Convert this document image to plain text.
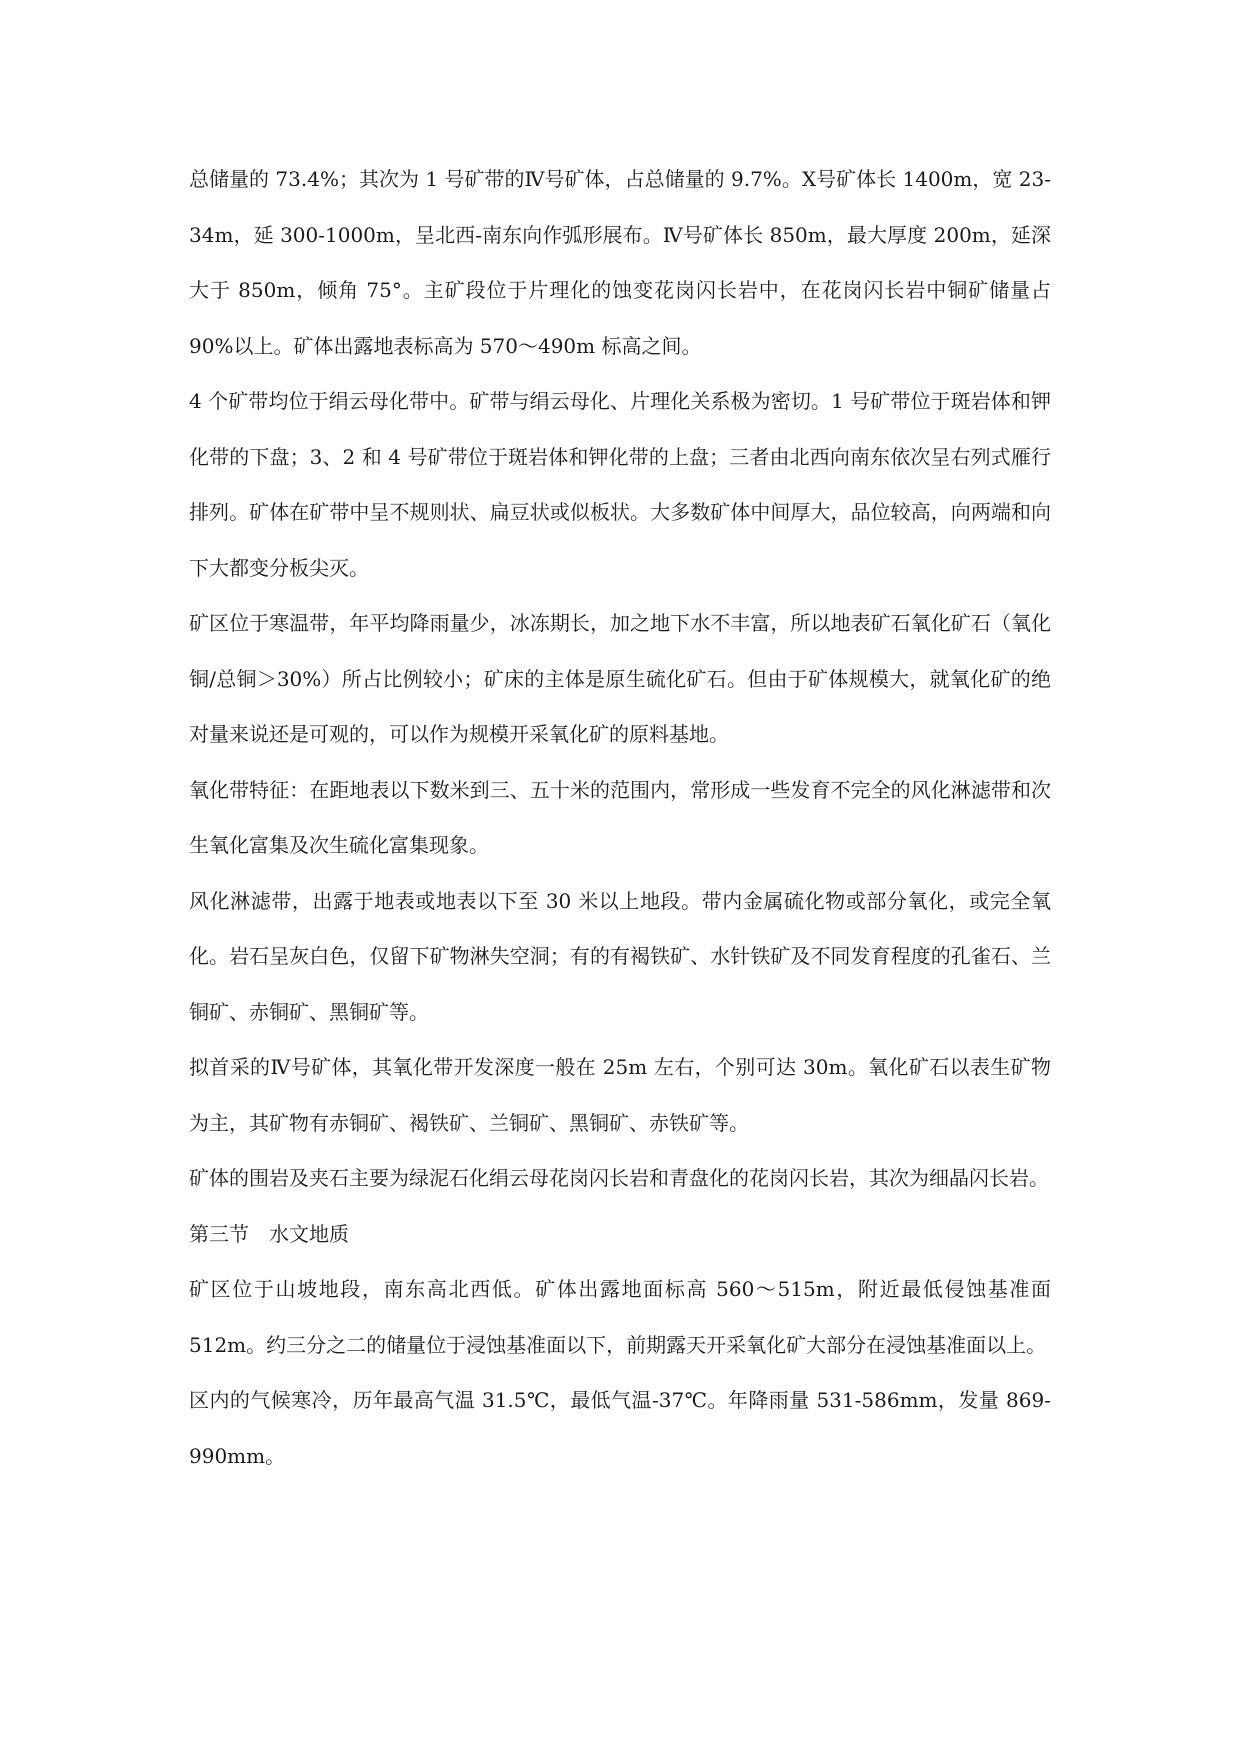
总储量的 73.4%；其次为 1 号矿带的Ⅳ号矿体，占总储量的 9.7%。Ⅹ号矿体长 1400m，宽 23-34m，延 300-1000m，呈北西-南东向作弧形展布。Ⅳ号矿体长 850m，最大厚度 200m，延深大于 850m，倾角 75°。主矿段位于片理化的蚀变花岗闪长岩中，在花岗闪长岩中铜矿储量占 90%以上。矿体出露地表标高为 570～490m 标高之间。

4 个矿带均位于绢云母化带中。矿带与绢云母化、片理化关系极为密切。1 号矿带位于斑岩体和钾化带的下盘；3、2 和 4 号矿带位于斑岩体和钾化带的上盘；三者由北西向南东依次呈右列式雁行排列。矿体在矿带中呈不规则状、扁豆状或似板状。大多数矿体中间厚大，品位较高，向两端和向下大都变分板尖灭。

矿区位于寒温带，年平均降雨量少，冰冻期长，加之地下水不丰富，所以地表矿石氧化矿石（氧化铜/总铜＞30%）所占比例较小；矿床的主体是原生硫化矿石。但由于矿体规模大，就氧化矿的绝对量来说还是可观的，可以作为规模开采氧化矿的原料基地。

氧化带特征：在距地表以下数米到三、五十米的范围内，常形成一些发育不完全的风化淋滤带和次生氧化富集及次生硫化富集现象。

风化淋滤带，出露于地表或地表以下至 30 米以上地段。带内金属硫化物或部分氧化，或完全氧化。岩石呈灰白色，仅留下矿物淋失空洞；有的有褐铁矿、水针铁矿及不同发育程度的孔雀石、兰铜矿、赤铜矿、黑铜矿等。

拟首采的Ⅳ号矿体，其氧化带开发深度一般在 25m 左右，个别可达 30m。氧化矿石以表生矿物为主，其矿物有赤铜矿、褐铁矿、兰铜矿、黑铜矿、赤铁矿等。

矿体的围岩及夹石主要为绿泥石化绢云母花岗闪长岩和青盘化的花岗闪长岩，其次为细晶闪长岩。

第三节　水文地质

矿区位于山坡地段，南东高北西低。矿体出露地面标高 560～515m，附近最低侵蚀基准面 512m。约三分之二的储量位于浸蚀基准面以下，前期露天开采氧化矿大部分在浸蚀基准面以上。

区内的气候寒冷，历年最高气温 31.5℃，最低气温-37℃。年降雨量 531-586mm，发量 869-990mm。
